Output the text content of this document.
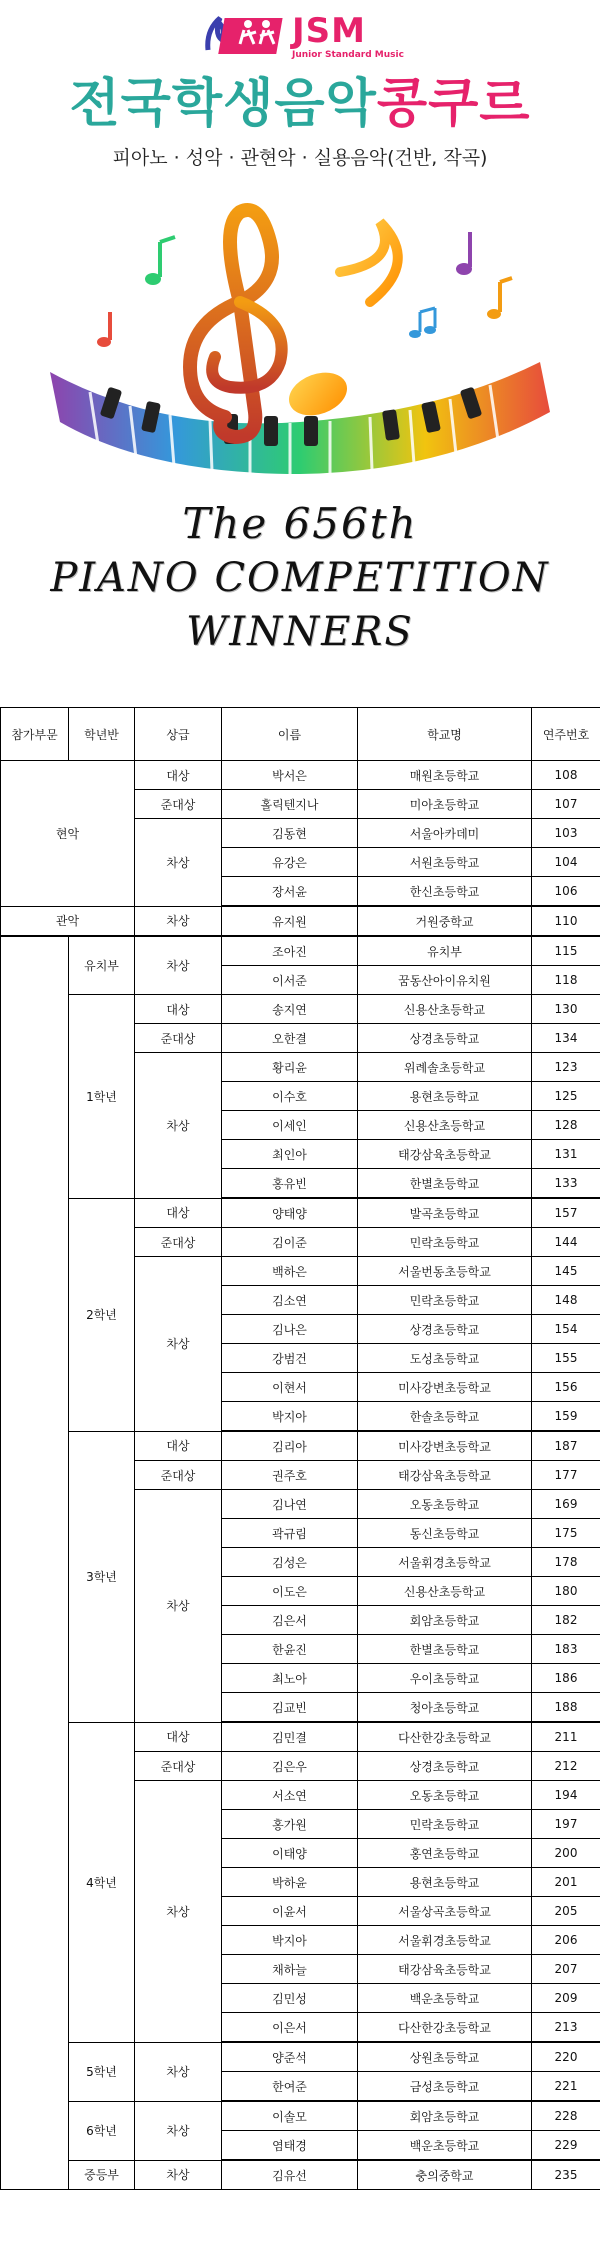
JSM
Junior Standard Music
전국학생음악콩쿠르
피아노 · 성악 · 관현악 · 실용음악(건반, 작곡)
The 656th
PIANO COMPETITION
WINNERS
참가부문	학년반	상급	이름	학교명	연주번호
현악		대상	박서은	매원초등학교	108
		준대상	홀릭텐지나	미아초등학교	107
		차상	김동현	서울아카데미	103
			유강은	서원초등학교	104
			장서윤	한신초등학교	106
관악		차상	유지원	거원중학교	110
	유치부	차상	조아진	유치부	115
			이서준	꿈동산아이유치원	118
	1학년	대상	송지연	신용산초등학교	130
		준대상	오한결	상경초등학교	134
		차상	황리윤	위례솔초등학교	123
			이수호	용현초등학교	125
			이세인	신용산초등학교	128
			최인아	태강삼육초등학교	131
			홍유빈	한별초등학교	133
	2학년	대상	양태양	발곡초등학교	157
		준대상	김이준	민락초등학교	144
		차상	백하은	서울번동초등학교	145
			김소연	민락초등학교	148
			김나은	상경초등학교	154
			강범건	도성초등학교	155
			이현서	미사강변초등학교	156
			박지아	한솔초등학교	159
	3학년	대상	김리아	미사강변초등학교	187
		준대상	권주호	태강삼육초등학교	177
		차상	김나연	오동초등학교	169
			곽규림	동신초등학교	175
			김성은	서울휘경초등학교	178
			이도은	신용산초등학교	180
			김은서	회암초등학교	182
			한윤진	한별초등학교	183
			최노아	우이초등학교	186
			김교빈	청아초등학교	188
	4학년	대상	김민결	다산한강초등학교	211
		준대상	김은우	상경초등학교	212
		차상	서소연	오동초등학교	194
			홍가원	민락초등학교	197
			이태양	홍연초등학교	200
			박하윤	용현초등학교	201
			이윤서	서울상곡초등학교	205
			박지아	서울휘경초등학교	206
			채하늘	태강삼육초등학교	207
			김민성	백운초등학교	209
			이은서	다산한강초등학교	213
	5학년	차상	양준석	상원초등학교	220
			한여준	금성초등학교	221
	6학년	차상	이솔모	회암초등학교	228
			염태경	백운초등학교	229
	중등부	차상	김유선	충의중학교	235
